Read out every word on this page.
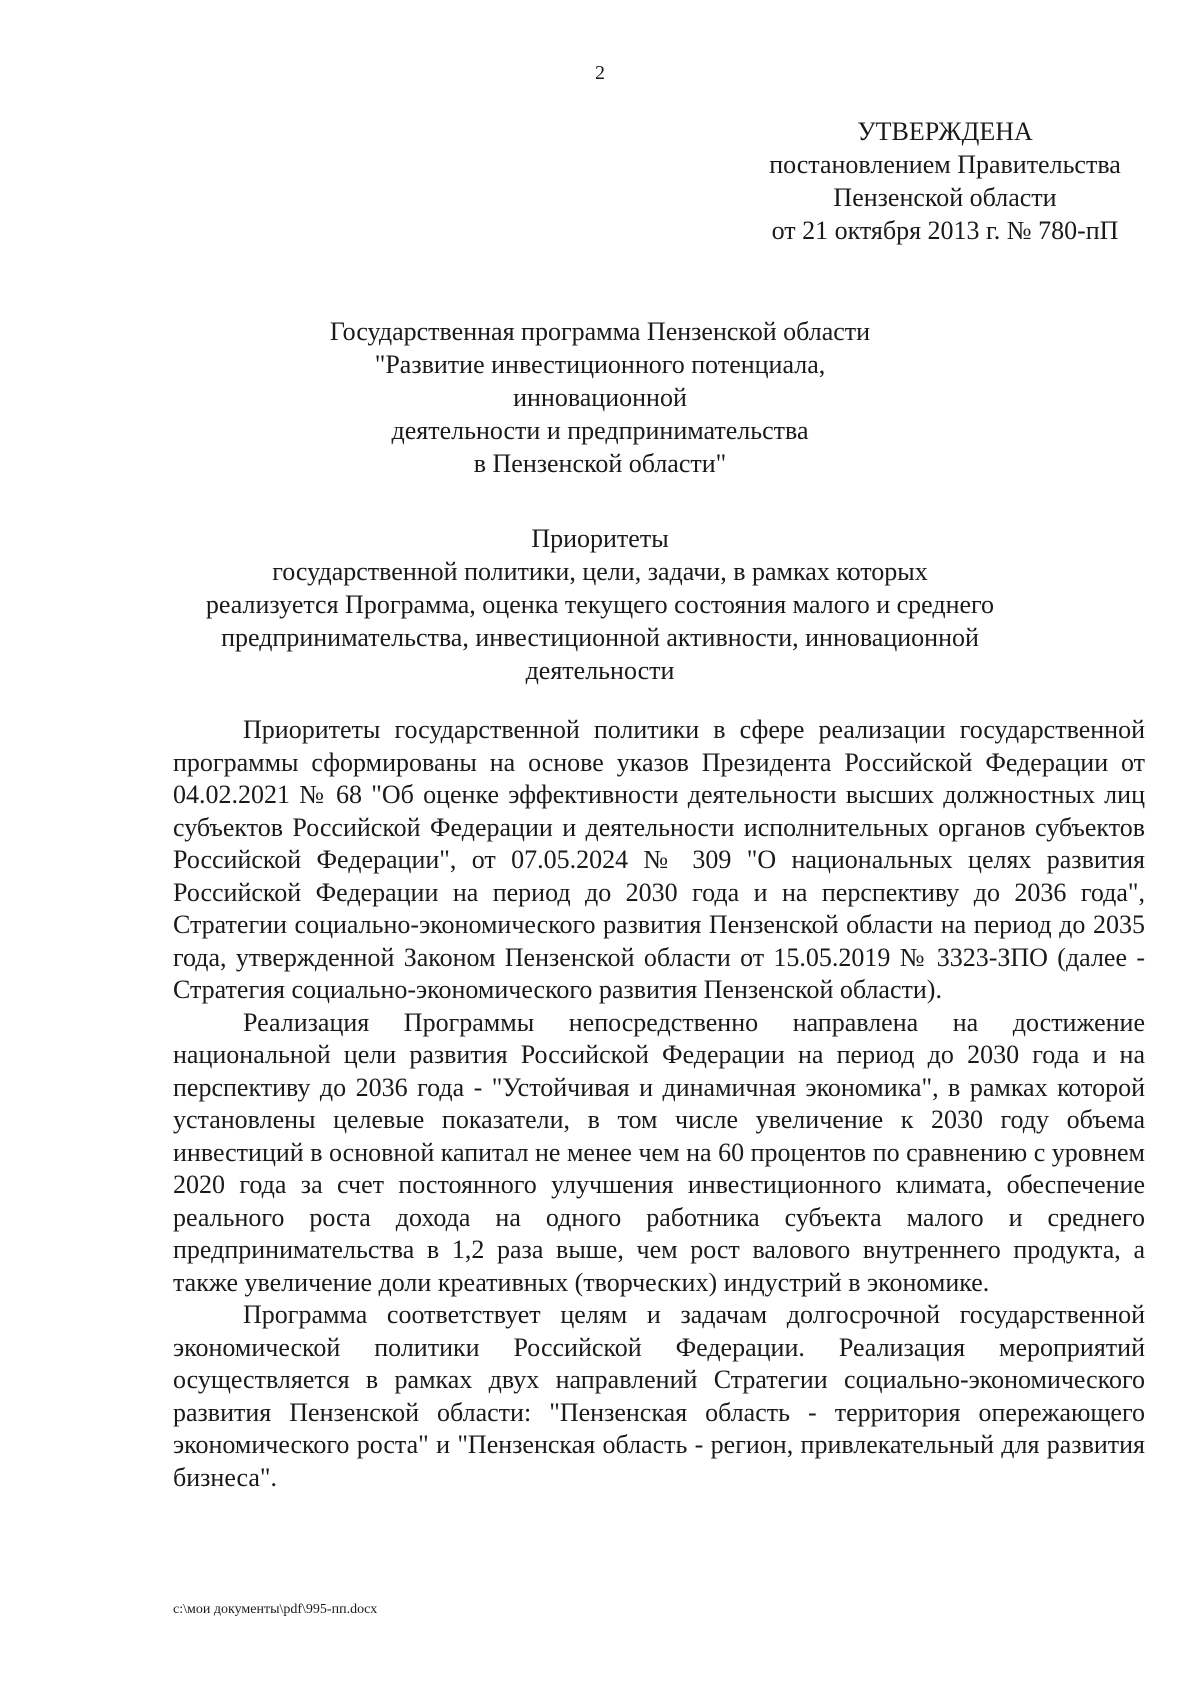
2
УТВЕРЖДЕНА
постановлением Правительства
Пензенской области
от 21 октября 2013 г. № 780-пП
Государственная программа Пензенской области
"Развитие инвестиционного потенциала, инновационной
деятельности и предпринимательства
в Пензенской области"
Приоритеты
государственной политики, цели, задачи, в рамках которых
реализуется Программа, оценка текущего состояния малого и среднего
предпринимательства, инвестиционной активности, инновационной
деятельности

Приоритеты государственной политики в сфере реализации государственной программы сформированы на основе указов Президента Российской Федерации от 04.02.2021 № 68 "Об оценке эффективности деятельности высших должностных лиц субъектов Российской Федерации и деятельности исполнительных органов субъектов Российской Федерации", от 07.05.2024 № 309 "О национальных целях развития Российской Федерации на период до 2030 года и на перспективу до 2036 года", Стратегии социально-экономического развития Пензенской области на период до 2035 года, утвержденной Законом Пензенской области от 15.05.2019 № 3323-ЗПО (далее - Стратегия социально-экономического развития Пензенской области).

Реализация Программы непосредственно направлена на достижение национальной цели развития Российской Федерации на период до 2030 года и на перспективу до 2036 года - "Устойчивая и динамичная экономика", в рамках которой установлены целевые показатели, в том числе увеличение к 2030 году объема инвестиций в основной капитал не менее чем на 60 процентов по сравнению с уровнем 2020 года за счет постоянного улучшения инвестиционного климата, обеспечение реального роста дохода на одного работника субъекта малого и среднего предпринимательства в 1,2 раза выше, чем рост валового внутреннего продукта, а также увеличение доли креативных (творческих) индустрий в экономике.

Программа соответствует целям и задачам долгосрочной государственной экономической политики Российской Федерации. Реализация мероприятий осуществляется в рамках двух направлений Стратегии социально-экономического развития Пензенской области: "Пензенская область - территория опережающего экономического роста" и "Пензенская область - регион, привлекательный для развития бизнеса".

c:\мои документы\pdf\995-пп.docx
